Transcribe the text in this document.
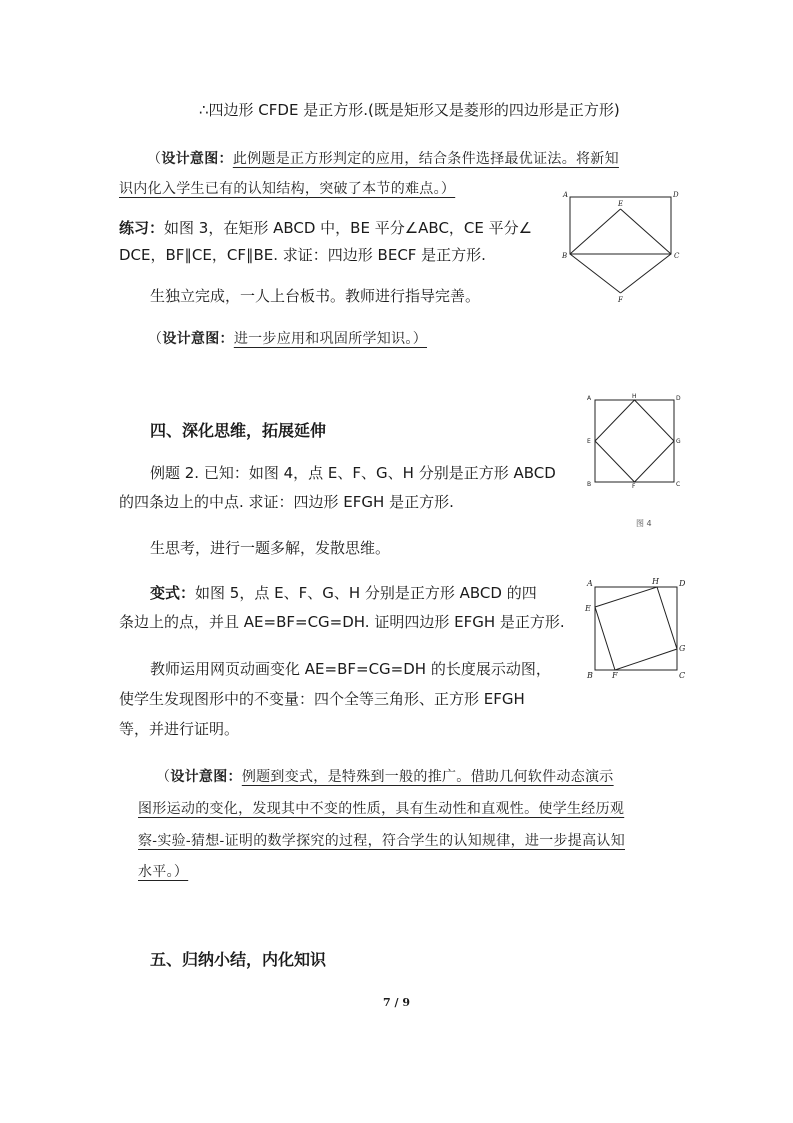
∴四边形 CFDE 是正方形.(既是矩形又是菱形的四边形是正方形)
（设计意图：此例题是正方形判定的应用，结合条件选择最优证法。将新知
识内化入学生已有的认知结构，突破了本节的难点。）
练习：如图 3，在矩形 ABCD 中，BE 平分∠ABC，CE 平分∠
DCE，BF∥CE，CF∥BE. 求证：四边形 BECF 是正方形.
生独立完成，一人上台板书。教师进行指导完善。
（设计意图：进一步应用和巩固所学知识。）
四、深化思维，拓展延伸
例题 2. 已知：如图 4，点 E、F、G、H 分别是正方形 ABCD
的四条边上的中点. 求证：四边形 EFGH 是正方形.
生思考，进行一题多解，发散思维。
变式：如图 5，点 E、F、G、H 分别是正方形 ABCD 的四
条边上的点，并且 AE=BF=CG=DH. 证明四边形 EFGH 是正方形.
教师运用网页动画变化 AE=BF=CG=DH 的长度展示动图，
使学生发现图形中的不变量：四个全等三角形、正方形 EFGH
等，并进行证明。
（设计意图：例题到变式，是特殊到一般的推广。借助几何软件动态演示
图形运动的变化，发现其中不变的性质，具有生动性和直观性。使学生经历观
察-实验-猜想-证明的数学探究的过程，符合学生的认知规律，进一步提高认知
水平。）
五、归纳小结，内化知识
7 / 9
A	D
E
B	C
F
A	H	D
E	G
B	F	C
图 4
A	H	D
E
G
B F	C
